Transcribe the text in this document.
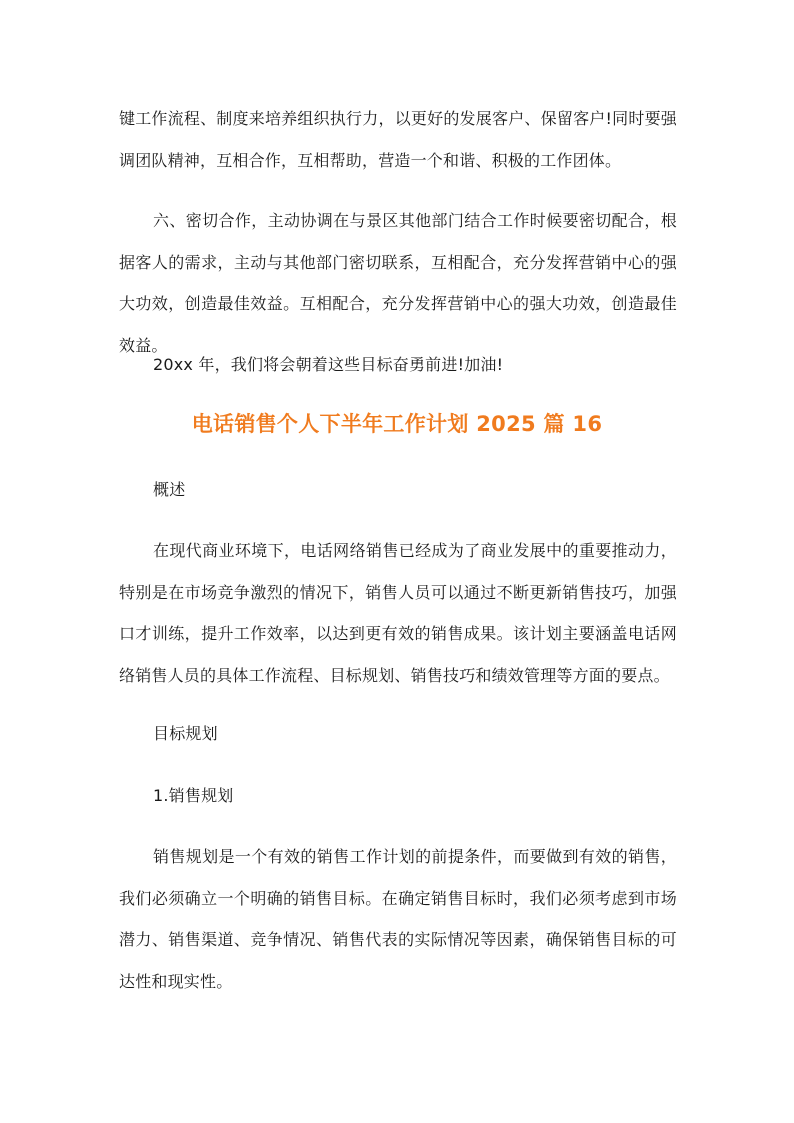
键工作流程、制度来培养组织执行力，以更好的发展客户、保留客户!同时要强调团队精神，互相合作，互相帮助，营造一个和谐、积极的工作团体。

六、密切合作，主动协调在与景区其他部门结合工作时候要密切配合，根据客人的需求，主动与其他部门密切联系，互相配合，充分发挥营销中心的强大功效，创造最佳效益。互相配合，充分发挥营销中心的强大功效，创造最佳效益。

20xx 年，我们将会朝着这些目标奋勇前进!加油!

电话销售个人下半年工作计划 2025 篇 16

概述

在现代商业环境下，电话网络销售已经成为了商业发展中的重要推动力，特别是在市场竞争激烈的情况下，销售人员可以通过不断更新销售技巧，加强口才训练，提升工作效率，以达到更有效的销售成果。该计划主要涵盖电话网络销售人员的具体工作流程、目标规划、销售技巧和绩效管理等方面的要点。

目标规划

1.销售规划

销售规划是一个有效的销售工作计划的前提条件，而要做到有效的销售，我们必须确立一个明确的销售目标。在确定销售目标时，我们必须考虑到市场潜力、销售渠道、竞争情况、销售代表的实际情况等因素，确保销售目标的可达性和现实性。
